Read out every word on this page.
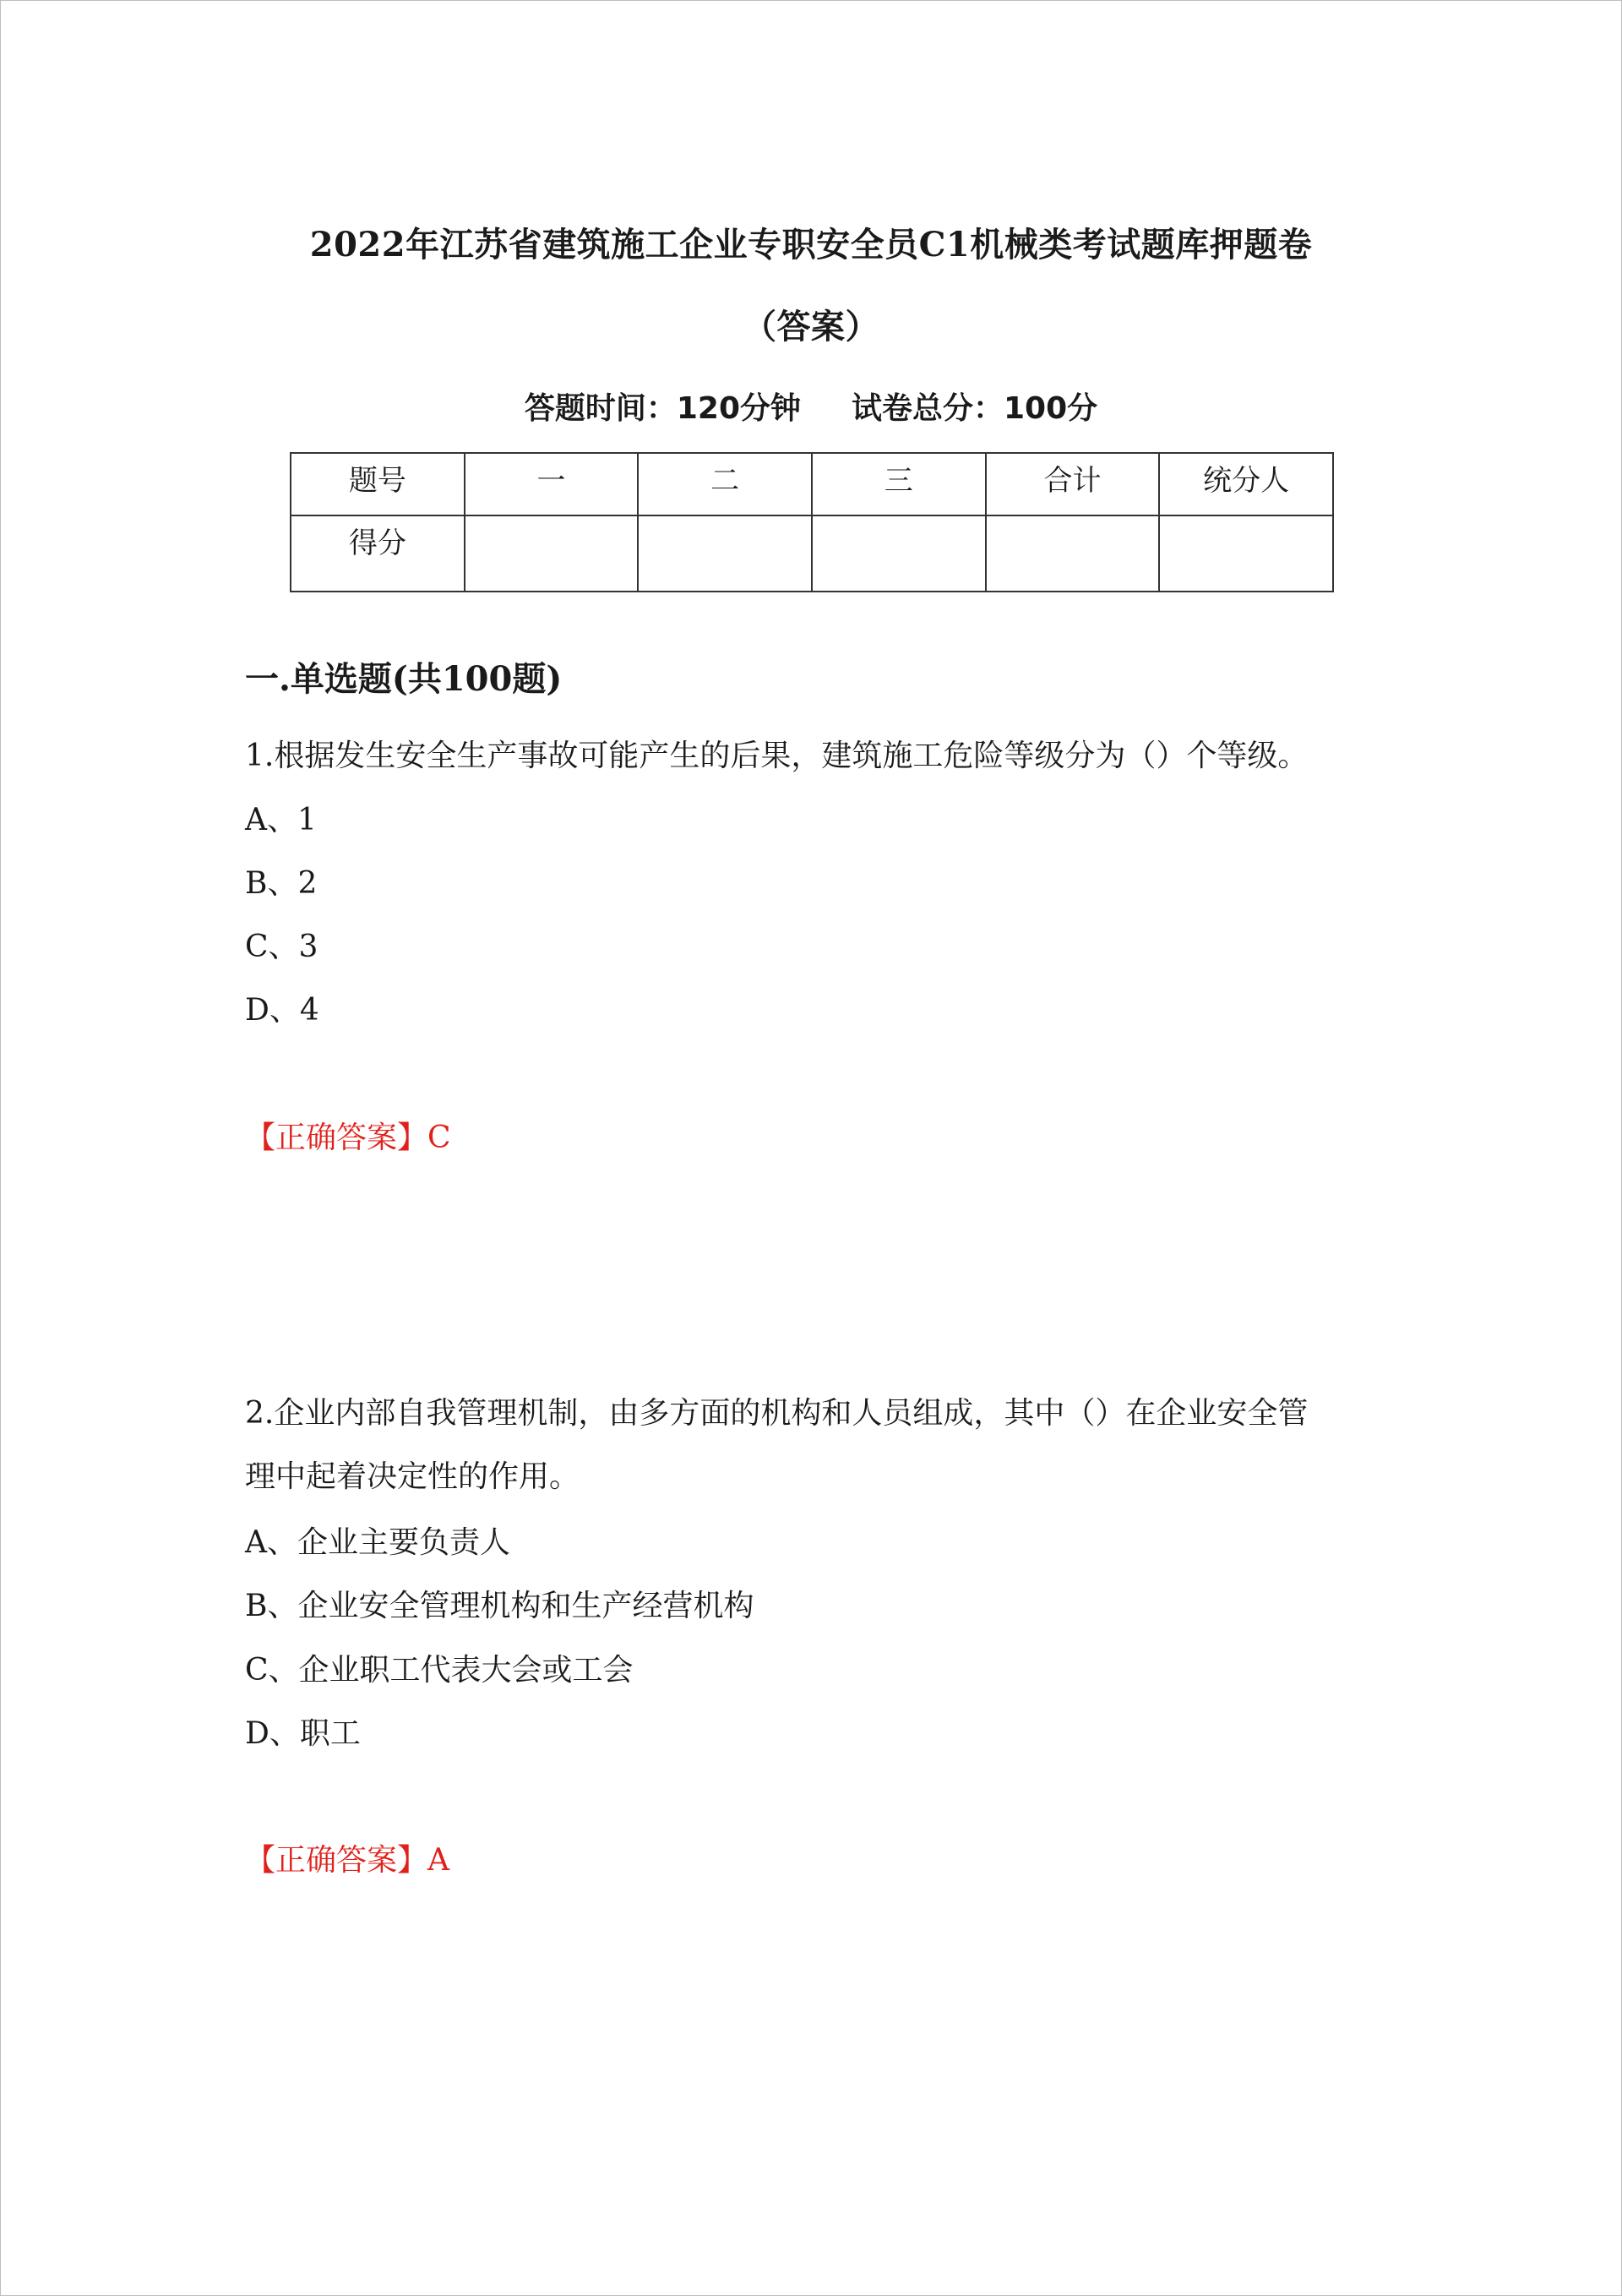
2022年江苏省建筑施工企业专职安全员C1机械类考试题库押题卷
（答案）
答题时间：120分钟 试卷总分：100分
题号	一	二	三	合计	统分人
得分					
一.单选题(共100题)
1.根据发生安全生产事故可能产生的后果，建筑施工危险等级分为（）个等级。
A、1
B、2
C、3
D、4
【正确答案】C
2.企业内部自我管理机制，由多方面的机构和人员组成，其中（）在企业安全管
理中起着决定性的作用。
A、企业主要负责人
B、企业安全管理机构和生产经营机构
C、企业职工代表大会或工会
D、职工
【正确答案】A
